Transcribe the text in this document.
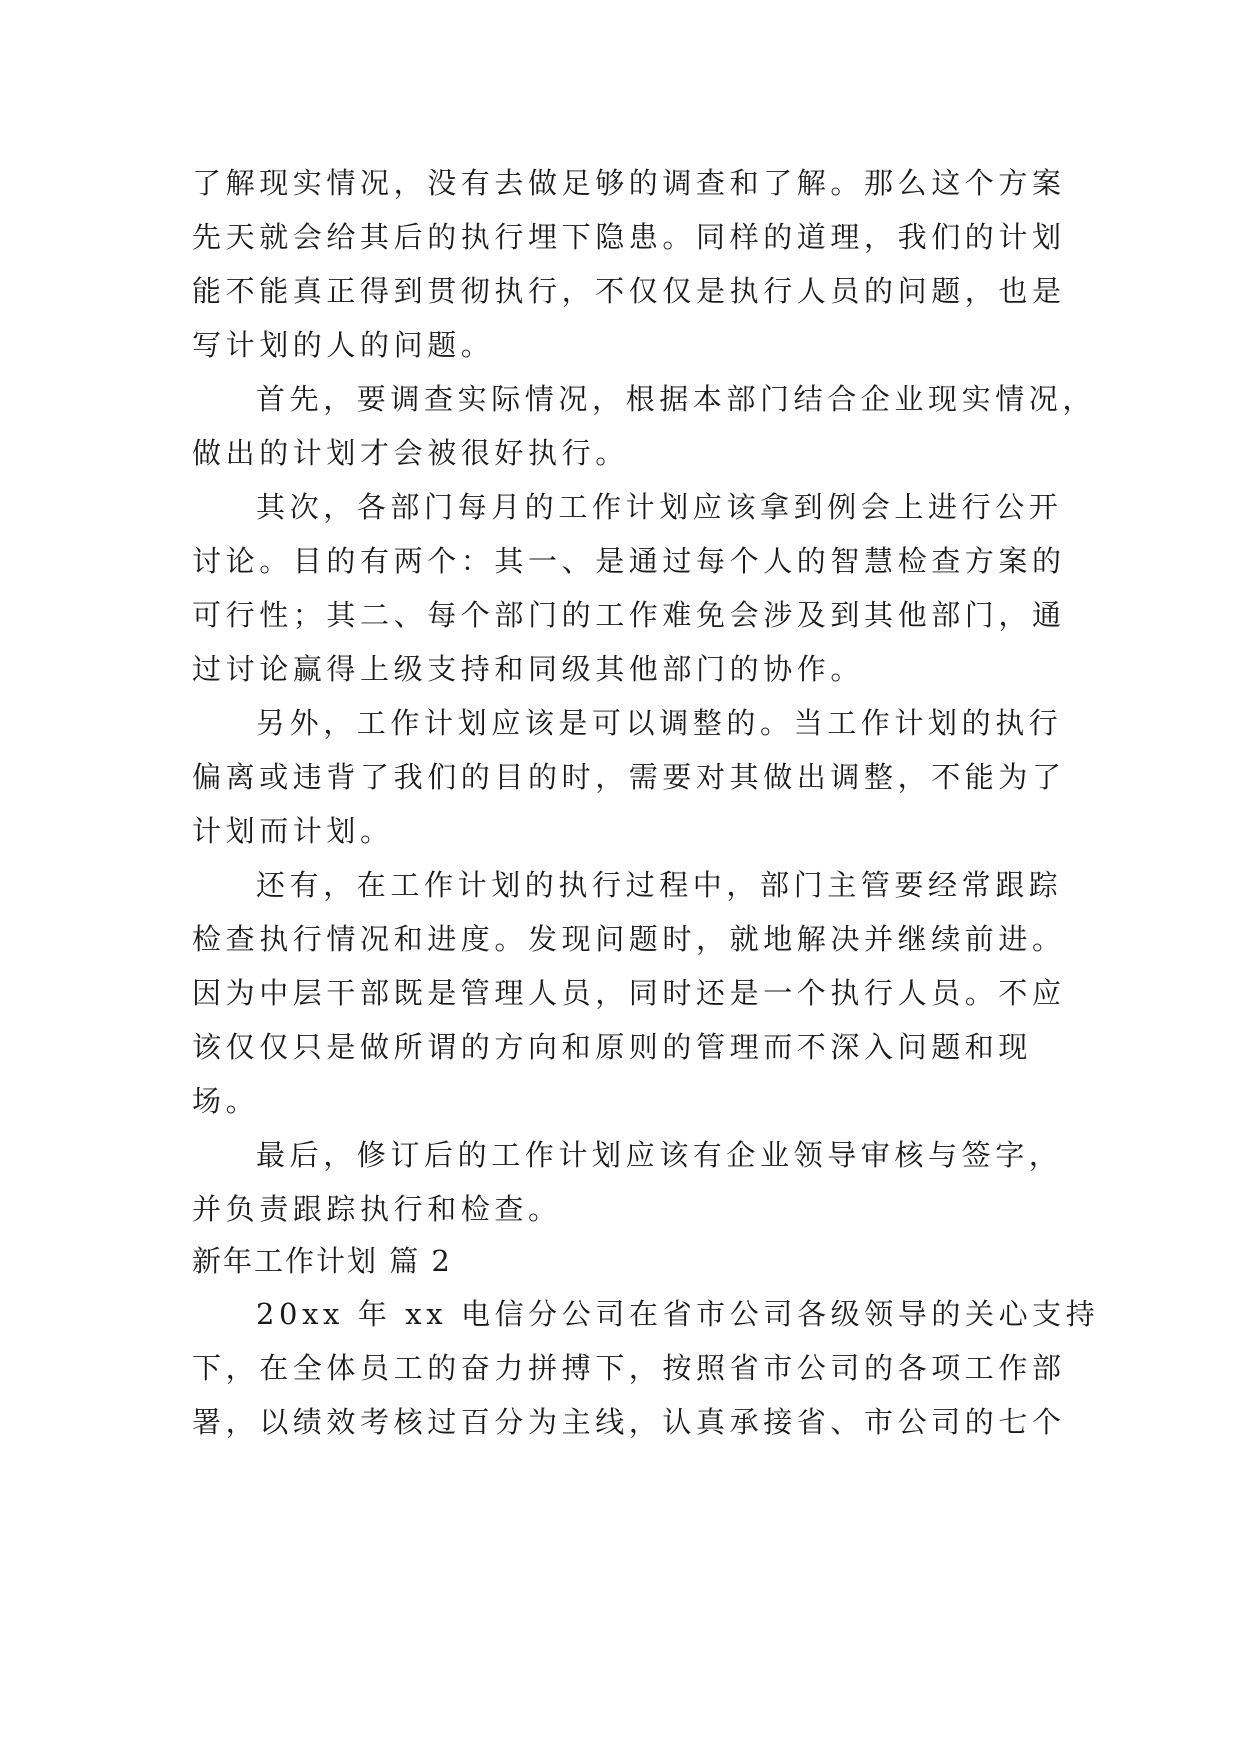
了解现实情况，没有去做足够的调查和了解。那么这个方案
先天就会给其后的执行埋下隐患。同样的道理，我们的计划
能不能真正得到贯彻执行，不仅仅是执行人员的问题，也是
写计划的人的问题。
首先，要调查实际情况，根据本部门结合企业现实情况，
做出的计划才会被很好执行。
其次，各部门每月的工作计划应该拿到例会上进行公开
讨论。目的有两个：其一、是通过每个人的智慧检查方案的
可行性；其二、每个部门的工作难免会涉及到其他部门，通
过讨论赢得上级支持和同级其他部门的协作。
另外，工作计划应该是可以调整的。当工作计划的执行
偏离或违背了我们的目的时，需要对其做出调整，不能为了
计划而计划。
还有，在工作计划的执行过程中，部门主管要经常跟踪
检查执行情况和进度。发现问题时，就地解决并继续前进。
因为中层干部既是管理人员，同时还是一个执行人员。不应
该仅仅只是做所谓的方向和原则的管理而不深入问题和现
场。
最后，修订后的工作计划应该有企业领导审核与签字，
并负责跟踪执行和检查。
新年工作计划 篇 2
20xx 年 xx 电信分公司在省市公司各级领导的关心支持
下，在全体员工的奋力拼搏下，按照省市公司的各项工作部
署，以绩效考核过百分为主线，认真承接省、市公司的七个
